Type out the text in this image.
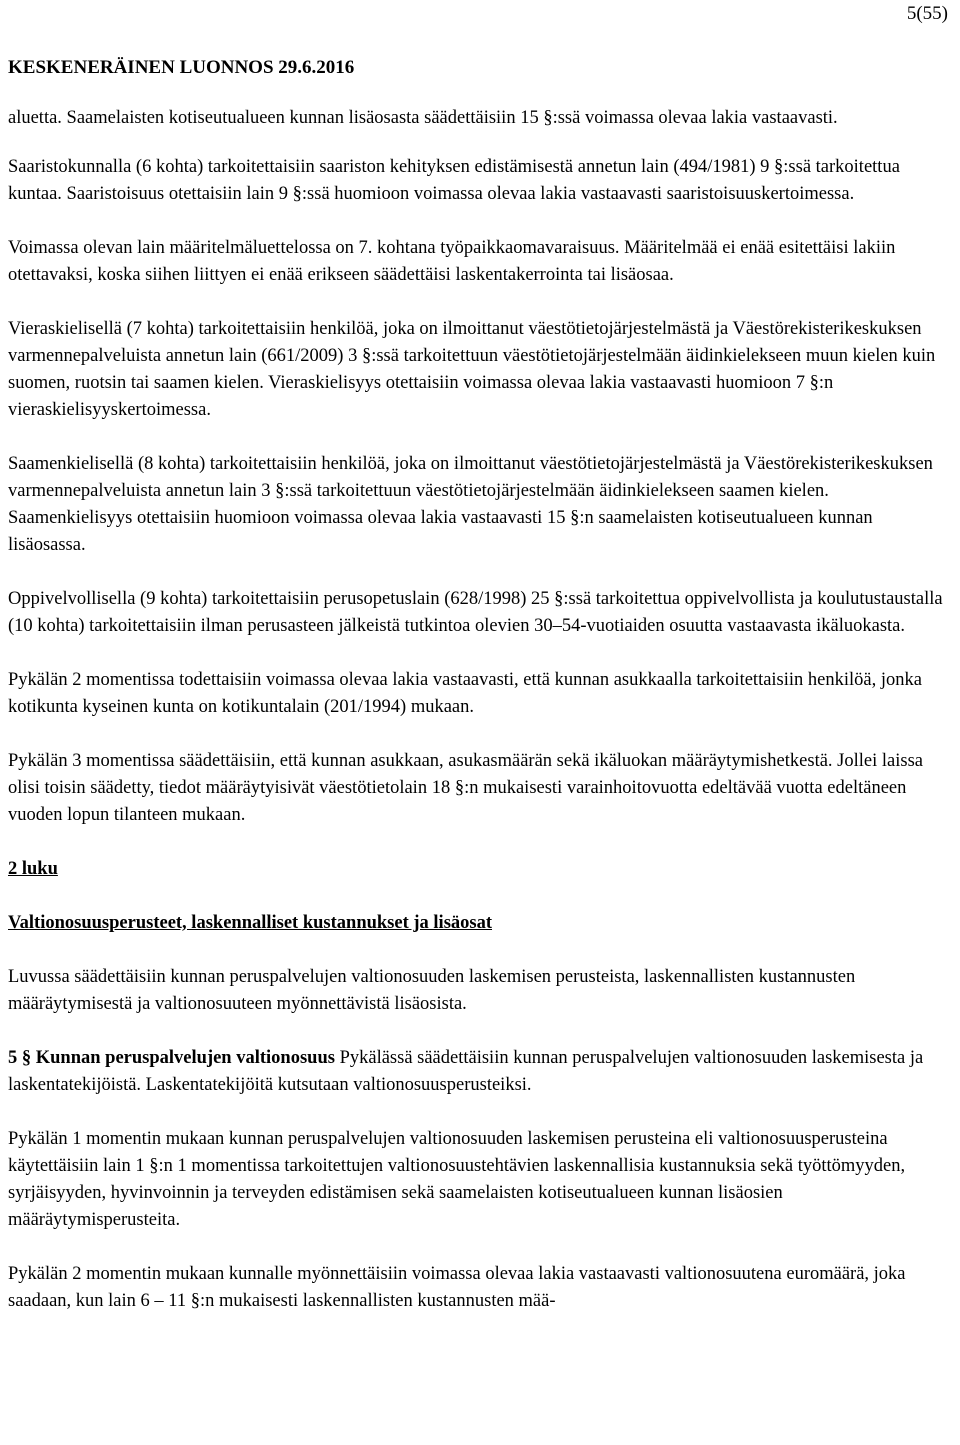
5(55)
KESKENERÄINEN LUONNOS 29.6.2016

aluetta. Saamelaisten kotiseutualueen kunnan lisäosasta säädettäisiin 15 §:ssä voimassa olevaa lakia vastaavasti.

Saaristokunnalla (6 kohta) tarkoitettaisiin saariston kehityksen edistämisestä annetun lain (494/1981) 9 §:ssä tarkoitettua kuntaa. Saaristoisuus otettaisiin lain 9 §:ssä huomioon voimassa olevaa lakia vastaavasti saaristoisuuskertoimessa.

Voimassa olevan lain määritelmäluettelossa on 7. kohtana työpaikkaomavaraisuus. Määritelmää ei enää esitettäisi lakiin otettavaksi, koska siihen liittyen ei enää erikseen säädettäisi laskentakerrointa tai lisäosaa.

Vieraskielisellä (7 kohta) tarkoitettaisiin henkilöä, joka on ilmoittanut väestötietojärjestelmästä ja Väestörekisterikeskuksen varmennepalveluista annetun lain (661/2009) 3 §:ssä tarkoitettuun väestötietojärjestelmään äidinkielekseen muun kielen kuin suomen, ruotsin tai saamen kielen. Vieraskielisyys otettaisiin voimassa olevaa lakia vastaavasti huomioon 7 §:n vieraskielisyyskertoimessa.

Saamenkielisellä (8 kohta) tarkoitettaisiin henkilöä, joka on ilmoittanut väestötietojärjestelmästä ja Väestörekisterikeskuksen varmennepalveluista annetun lain 3 §:ssä tarkoitettuun väestötietojärjestelmään äidinkielekseen saamen kielen. Saamenkielisyys otettaisiin huomioon voimassa olevaa lakia vastaavasti 15 §:n saamelaisten kotiseutualueen kunnan lisäosassa.

Oppivelvollisella (9 kohta) tarkoitettaisiin perusopetuslain (628/1998) 25 §:ssä tarkoitettua oppivelvollista ja koulutustaustalla (10 kohta) tarkoitettaisiin ilman perusasteen jälkeistä tutkintoa olevien 30–54-vuotiaiden osuutta vastaavasta ikäluokasta.

Pykälän 2 momentissa todettaisiin voimassa olevaa lakia vastaavasti, että kunnan asukkaalla tarkoitettaisiin henkilöä, jonka kotikunta kyseinen kunta on kotikuntalain (201/1994) mukaan.

Pykälän 3 momentissa säädettäisiin, että kunnan asukkaan, asukasmäärän sekä ikäluokan määräytymishetkestä. Jollei laissa olisi toisin säädetty, tiedot määräytyisivät väestötietolain 18 §:n mukaisesti varainhoitovuotta edeltävää vuotta edeltäneen vuoden lopun tilanteen mukaan.

2 luku
Valtionosuusperusteet, laskennalliset kustannukset ja lisäosat

Luvussa säädettäisiin kunnan peruspalvelujen valtionosuuden laskemisen perusteista, laskennallisten kustannusten määräytymisestä ja valtionosuuteen myönnettävistä lisäosista.

5 § Kunnan peruspalvelujen valtionosuus Pykälässä säädettäisiin kunnan peruspalvelujen valtionosuuden laskemisesta ja laskentatekijöistä. Laskentatekijöitä kutsutaan valtionosuusperusteiksi.

Pykälän 1 momentin mukaan kunnan peruspalvelujen valtionosuuden laskemisen perusteina eli valtionosuusperusteina käytettäisiin lain 1 §:n 1 momentissa tarkoitettujen valtionosuustehtävien laskennallisia kustannuksia sekä työttömyyden, syrjäisyyden, hyvinvoinnin ja terveyden edistämisen sekä saamelaisten kotiseutualueen kunnan lisäosien määräytymisperusteita.

Pykälän 2 momentin mukaan kunnalle myönnettäisiin voimassa olevaa lakia vastaavasti valtionosuutena euromäärä, joka saadaan, kun lain 6 – 11 §:n mukaisesti laskennallisten kustannusten mää-
